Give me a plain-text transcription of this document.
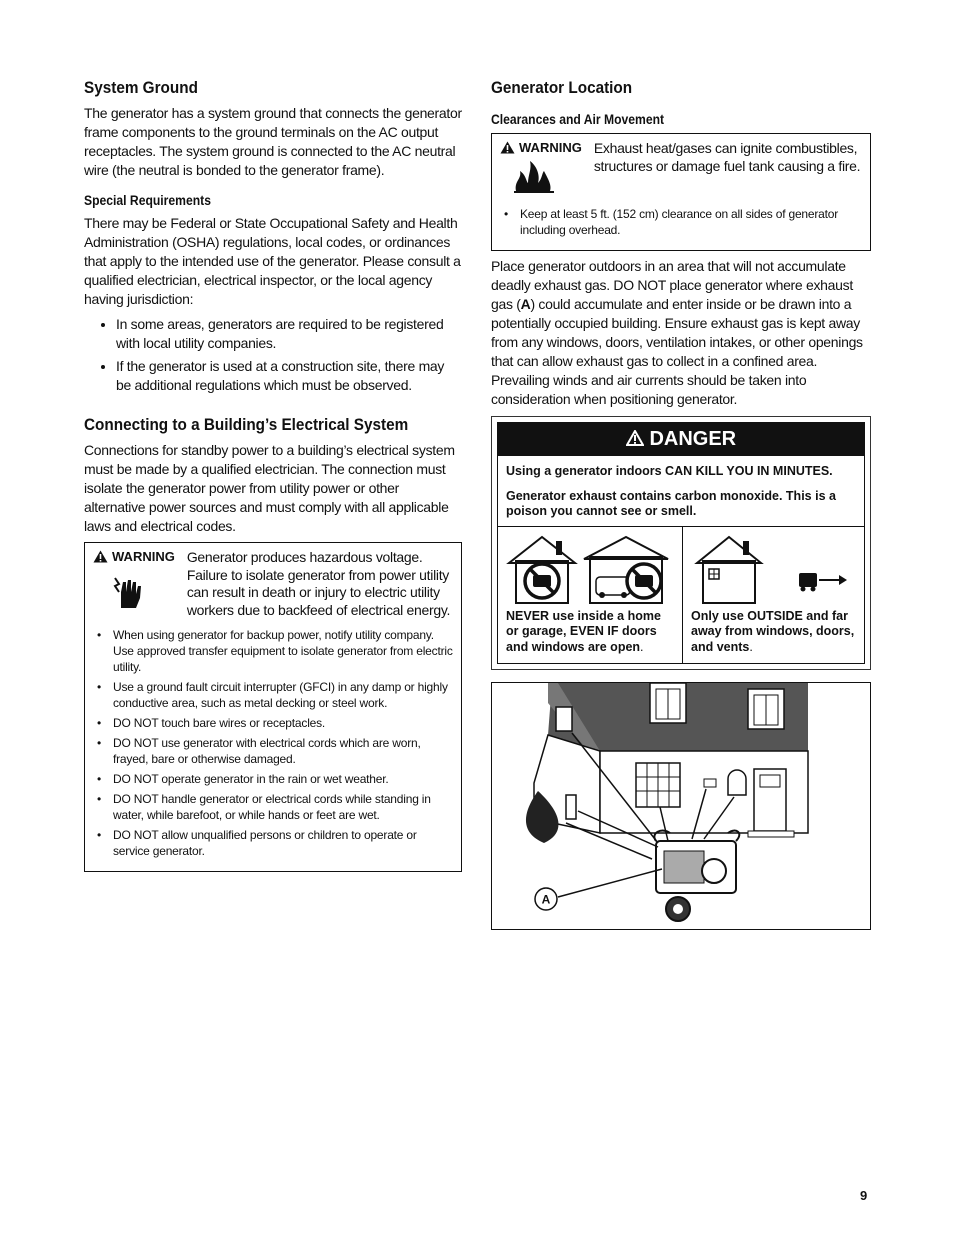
System Ground

The generator has a system ground that connects the generator frame components to the ground terminals on the AC output receptacles. The system ground is connected to the AC neutral wire (the neutral is bonded to the generator frame).

Special Requirements

There may be Federal or State Occupational Safety and Health Administration (OSHA) regulations, local codes, or ordinances that apply to the intended use of the generator. Please consult a qualified electrician, electrical inspector, or the local agency having jurisdiction:

• In some areas, generators are required to be registered with local utility companies.
• If the generator is used at a construction site, there may be additional regulations which must be observed.
Connecting to a Building’s Electrical System

Connections for standby power to a building’s electrical system must be made by a qualified electrician. The connection must isolate the generator power from utility power or other alternative power sources and must comply with all applicable laws and electrical codes.

WARNING Generator produces hazardous voltage. Failure to isolate generator from power utility can result in death or injury to electric utility workers due to backfeed of electrical energy.
• When using generator for backup power, notify utility company. Use approved transfer equipment to isolate generator from electric utility.
• Use a ground fault circuit interrupter (GFCI) in any damp or highly conductive area, such as metal decking or steel work.
• DO NOT touch bare wires or receptacles.
• DO NOT use generator with electrical cords which are worn, frayed, bare or otherwise damaged.
• DO NOT operate generator in the rain or wet weather.
• DO NOT handle generator or electrical cords while standing in water, while barefoot, or while hands or feet are wet.
• DO NOT allow unqualified persons or children to operate or service generator.
Generator Location
Clearances and Air Movement
WARNING Exhaust heat/gases can ignite combustibles, structures or damage fuel tank causing a fire.
• Keep at least 5 ft. (152 cm) clearance on all sides of generator including overhead.

Place generator outdoors in an area that will not accumulate deadly exhaust gas. DO NOT place generator where exhaust gas (A) could accumulate and enter inside or be drawn into a potentially occupied building. Ensure exhaust gas is kept away from any windows, doors, ventilation intakes, or other openings that can allow exhaust gas to collect in a confined area. Prevailing winds and air currents should be taken into consideration when positioning generator.

DANGER

Using a generator indoors CAN KILL YOU IN MINUTES.

Generator exhaust contains carbon monoxide. This is a poison you cannot see or smell.

NEVER use inside a home or garage, EVEN IF doors and windows are open.

Only use OUTSIDE and far away from windows, doors, and vents.

A
9
